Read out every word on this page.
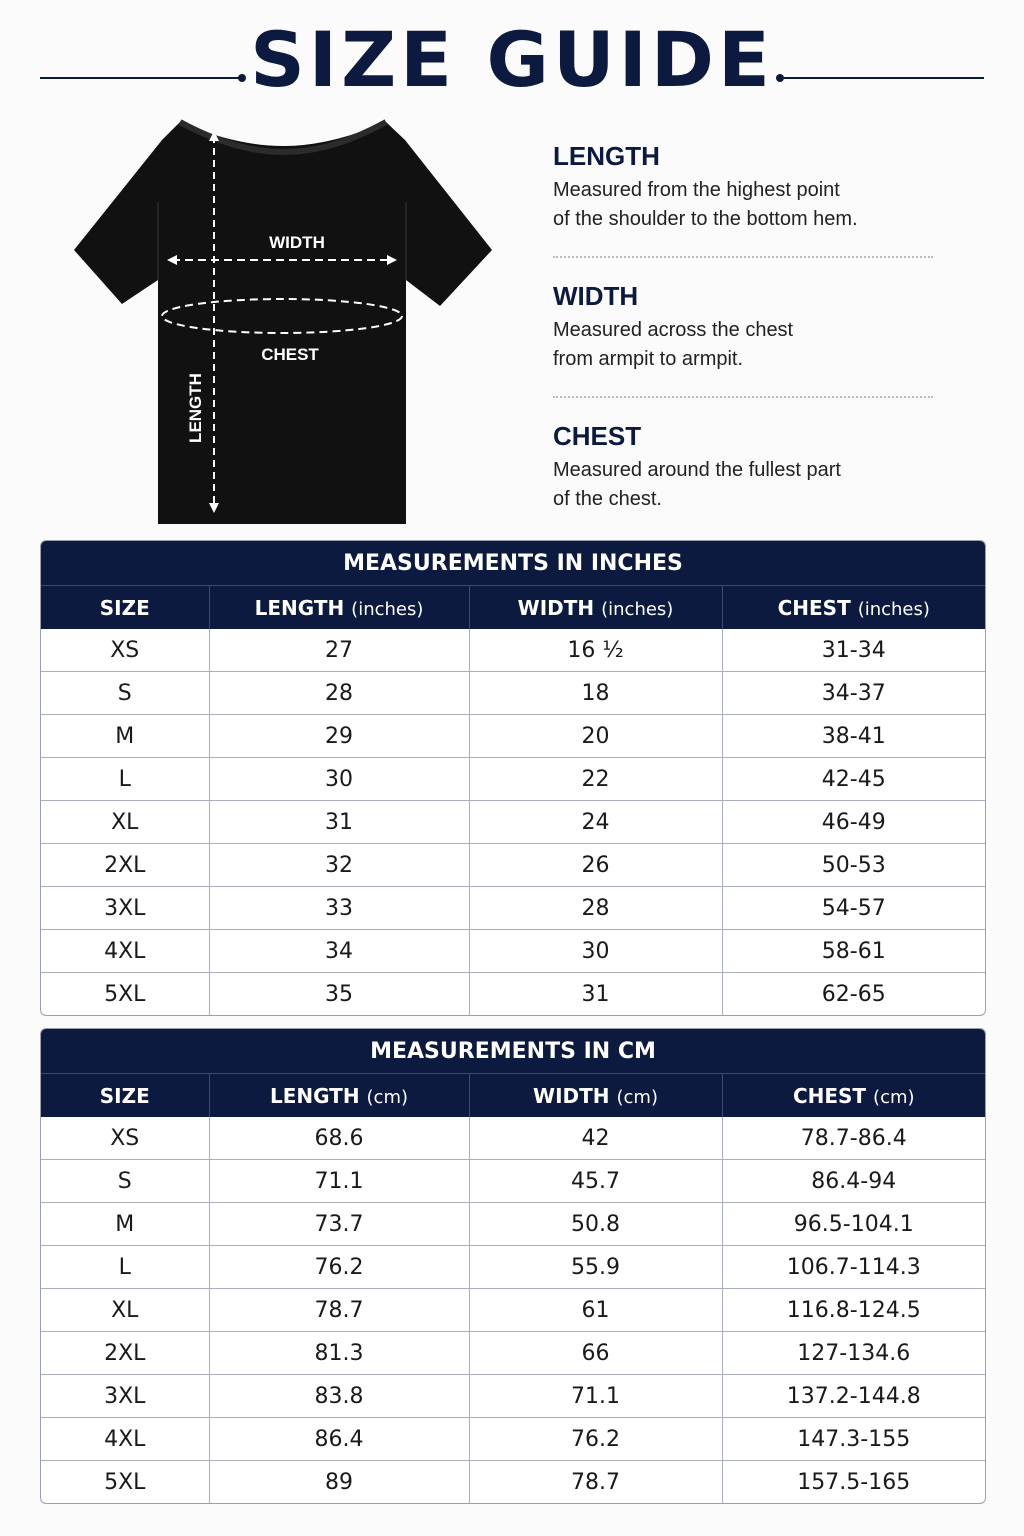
SIZE GUIDE
WIDTH
CHEST
LENGTH
LENGTH
Measured from the highest point
of the shoulder to the bottom hem.
WIDTH
Measured across the chest
from armpit to armpit.
CHEST
Measured around the fullest part
of the chest.
MEASUREMENTS IN INCHES
SIZE	LENGTH (inches)	WIDTH (inches)	CHEST (inches)
XS	27	16 ½	31-34
S	28	18	34-37
M	29	20	38-41
L	30	22	42-45
XL	31	24	46-49
2XL	32	26	50-53
3XL	33	28	54-57
4XL	34	30	58-61
5XL	35	31	62-65
MEASUREMENTS IN CM
SIZE	LENGTH (cm)	WIDTH (cm)	CHEST (cm)
XS	68.6	42	78.7-86.4
S	71.1	45.7	86.4-94
M	73.7	50.8	96.5-104.1
L	76.2	55.9	106.7-114.3
XL	78.7	61	116.8-124.5
2XL	81.3	66	127-134.6
3XL	83.8	71.1	137.2-144.8
4XL	86.4	76.2	147.3-155
5XL	89	78.7	157.5-165
